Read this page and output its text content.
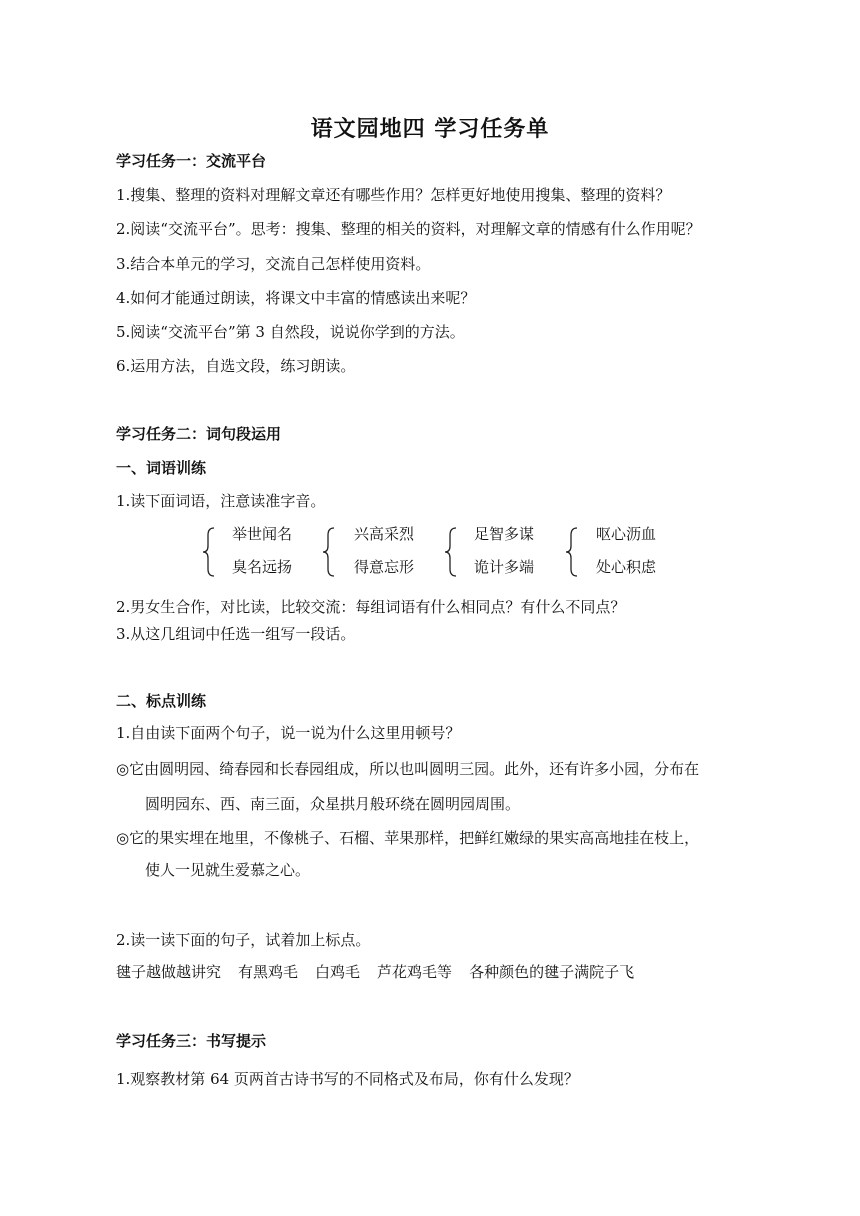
语文园地四 学习任务单
学习任务一：交流平台
1.搜集、整理的资料对理解文章还有哪些作用？怎样更好地使用搜集、整理的资料？
2.阅读“交流平台”。思考：搜集、整理的相关的资料，对理解文章的情感有什么作用呢？
3.结合本单元的学习，交流自己怎样使用资料。
4.如何才能通过朗读，将课文中丰富的情感读出来呢？
5.阅读“交流平台”第 3 自然段，说说你学到的方法。
6.运用方法，自选文段，练习朗读。
学习任务二：词句段运用
一、词语训练
1.读下面词语，注意读准字音。
举世闻名
臭名远扬
兴高采烈
得意忘形
足智多谋
诡计多端
呕心沥血
处心积虑
2.男女生合作，对比读，比较交流：每组词语有什么相同点？有什么不同点？
3.从这几组词中任选一组写一段话。
二、标点训练
1.自由读下面两个句子，说一说为什么这里用顿号？
◎它由圆明园、绮春园和长春园组成，所以也叫圆明三园。此外，还有许多小园，分布在
圆明园东、西、南三面，众星拱月般环绕在圆明园周围。
◎它的果实埋在地里，不像桃子、石榴、苹果那样，把鲜红嫩绿的果实高高地挂在枝上，
使人一见就生爱慕之心。
2.读一读下面的句子，试着加上标点。
毽子越做越讲究 有黑鸡毛 白鸡毛 芦花鸡毛等 各种颜色的毽子满院子飞
学习任务三：书写提示
1.观察教材第 64 页两首古诗书写的不同格式及布局，你有什么发现？
